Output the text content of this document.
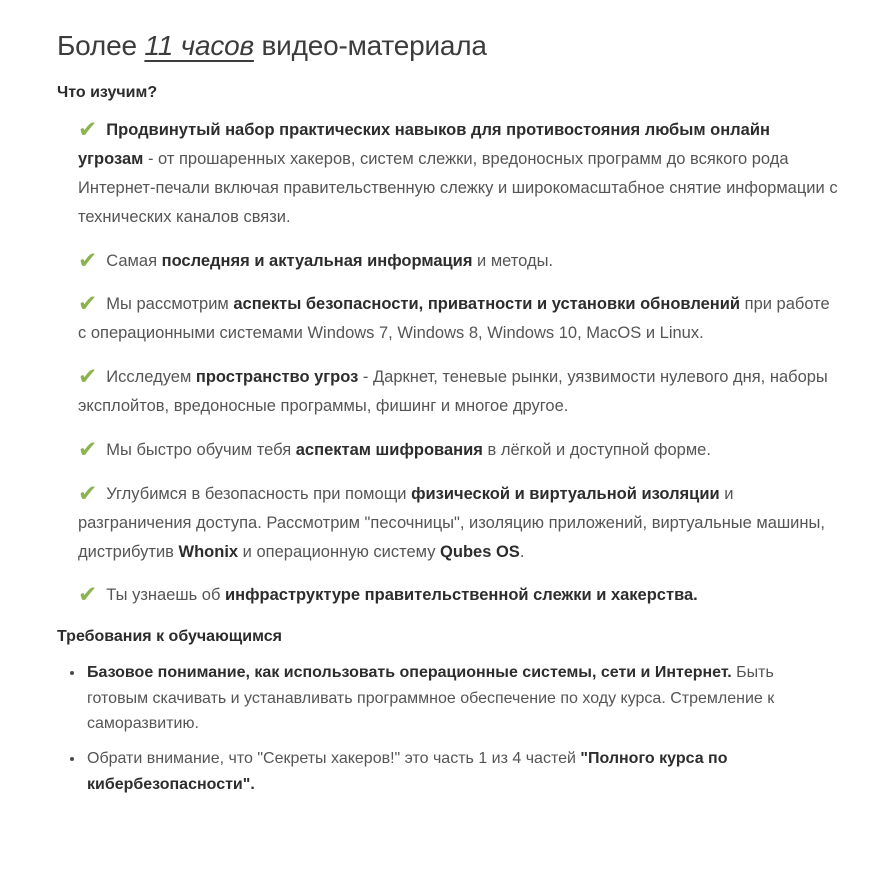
Более 11 часов видео-материала
Что изучим?
✔ Продвинутый набор практических навыков для противостояния любым онлайн угрозам - от прошаренных хакеров, систем слежки, вредоносных программ до всякого рода Интернет-печали включая правительственную слежку и широкомасштабное снятие информации с технических каналов связи.
✔ Самая последняя и актуальная информация и методы.
✔ Мы рассмотрим аспекты безопасности, приватности и установки обновлений при работе с операционными системами Windows 7, Windows 8, Windows 10, MacOS и Linux.
✔ Исследуем пространство угроз - Даркнет, теневые рынки, уязвимости нулевого дня, наборы эксплойтов, вредоносные программы, фишинг и многое другое.
✔ Мы быстро обучим тебя аспектам шифрования в лёгкой и доступной форме.
✔ Углубимся в безопасность при помощи физической и виртуальной изоляции и разграничения доступа. Рассмотрим "песочницы", изоляцию приложений, виртуальные машины, дистрибутив Whonix и операционную систему Qubes OS.
✔ Ты узнаешь об инфраструктуре правительственной слежки и хакерства.
Требования к обучающимся
• Базовое понимание, как использовать операционные системы, сети и Интернет. Быть готовым скачивать и устанавливать программное обеспечение по ходу курса. Стремление к саморазвитию.
• Обрати внимание, что "Секреты хакеров!" это часть 1 из 4 частей "Полного курса по кибербезопасности".
